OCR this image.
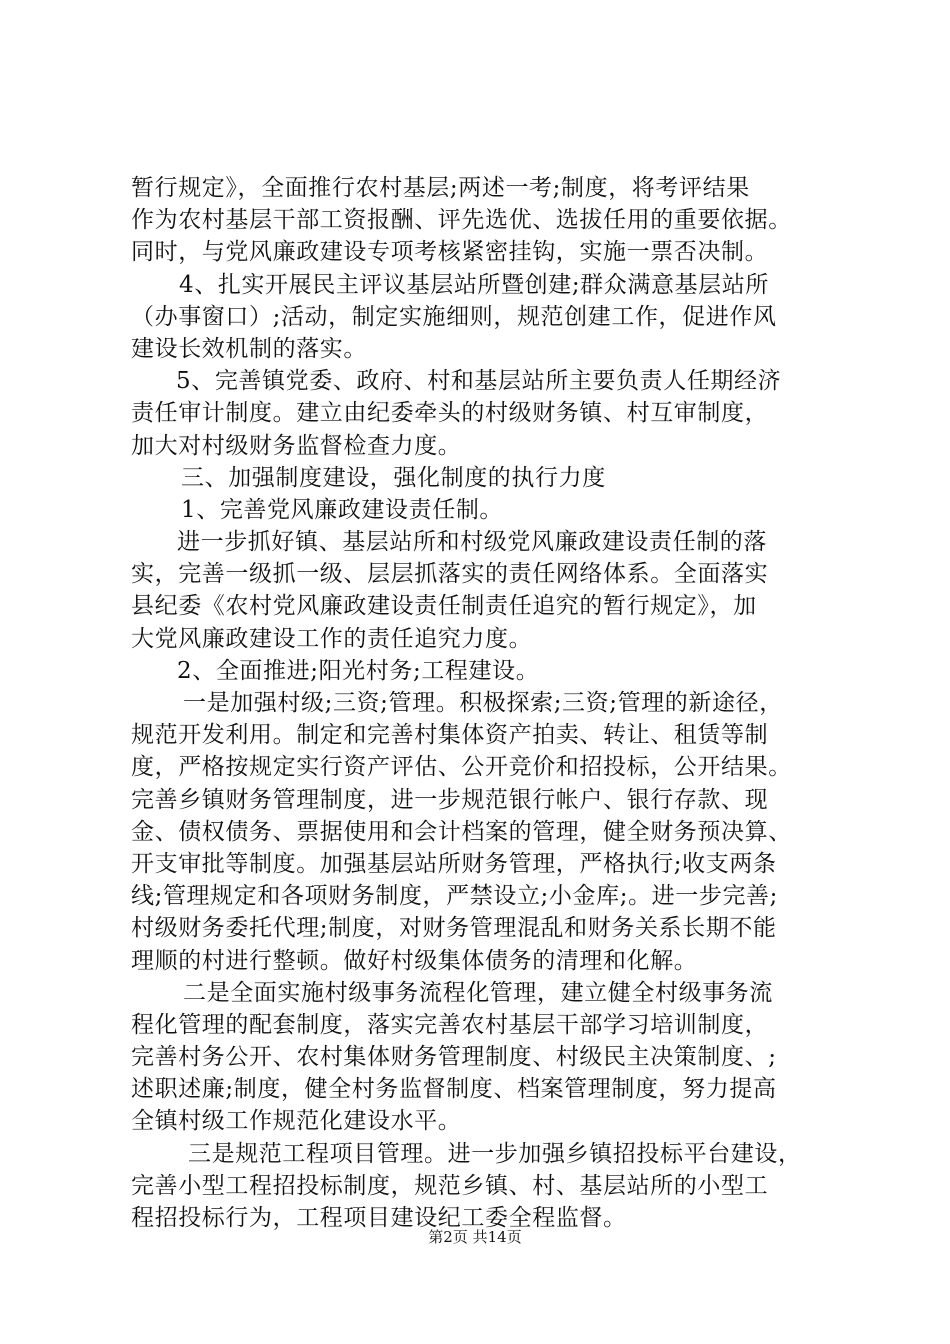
暂行规定》，全面推行农村基层;两述一考;制度，将考评结果
作为农村基层干部工资报酬、评先选优、选拔任用的重要依据。
同时，与党风廉政建设专项考核紧密挂钩，实施一票否决制。
4、扎实开展民主评议基层站所暨创建;群众满意基层站所
（办事窗口）;活动，制定实施细则，规范创建工作，促进作风
建设长效机制的落实。
5、完善镇党委、政府、村和基层站所主要负责人任期经济
责任审计制度。建立由纪委牵头的村级财务镇、村互审制度，
加大对村级财务监督检查力度。
三、加强制度建设，强化制度的执行力度
1、完善党风廉政建设责任制。
进一步抓好镇、基层站所和村级党风廉政建设责任制的落
实，完善一级抓一级、层层抓落实的责任网络体系。全面落实
县纪委《农村党风廉政建设责任制责任追究的暂行规定》，加
大党风廉政建设工作的责任追究力度。
2、全面推进;阳光村务;工程建设。
一是加强村级;三资;管理。积极探索;三资;管理的新途径，
规范开发利用。制定和完善村集体资产拍卖、转让、租赁等制
度，严格按规定实行资产评估、公开竞价和招投标，公开结果。
完善乡镇财务管理制度，进一步规范银行帐户、银行存款、现
金、债权债务、票据使用和会计档案的管理，健全财务预决算、
开支审批等制度。加强基层站所财务管理，严格执行;收支两条
线;管理规定和各项财务制度，严禁设立;小金库;。进一步完善;
村级财务委托代理;制度，对财务管理混乱和财务关系长期不能
理顺的村进行整顿。做好村级集体债务的清理和化解。
二是全面实施村级事务流程化管理，建立健全村级事务流
程化管理的配套制度，落实完善农村基层干部学习培训制度，
完善村务公开、农村集体财务管理制度、村级民主决策制度、;
述职述廉;制度，健全村务监督制度、档案管理制度，努力提高
全镇村级工作规范化建设水平。
三是规范工程项目管理。进一步加强乡镇招投标平台建设，
完善小型工程招投标制度，规范乡镇、村、基层站所的小型工
程招投标行为，工程项目建设纪工委全程监督。
第2页 共14页
